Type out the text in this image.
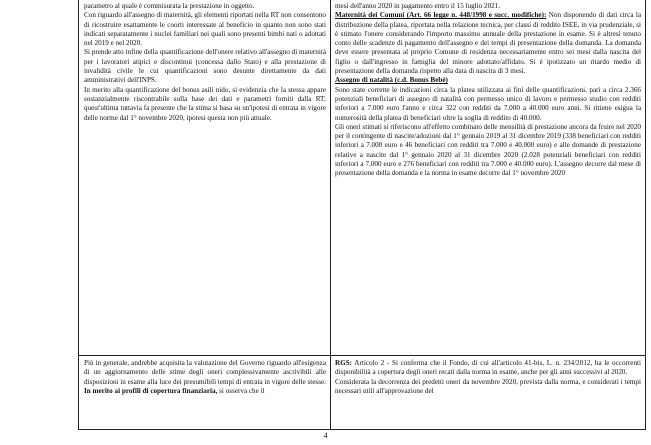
parametro al quale è commisurata la prestazione in oggetto.

Con riguardo all'assegno di maternità, gli elementi riportati nella RT non consentono di ricostruire esattamente le coorti interessate al beneficio in quanto non sono stati indicati separatamente i nuclei familiari nei quali sono presenti bimbi nati o adottati nel 2019 e nel 2020.

Si prende atto infine della quantificazione dell'onere relativo all'assegno di maternità per i lavoratori atipici e discontinui (concessa dallo Stato) e alla prestazione di invalidità civile le cui quantificazioni sono desunte direttamente da dati amministrativi dell'INPS.

In merito alla quantificazione del bonus asili nido, si evidenzia che la stessa appare sostanzialmente riscontrabile sulla base dei dati e parametri forniti dalla RT; quest'ultima tuttavia fa presente che la stima si basa su un'ipotesi di entrata in vigore delle norme dal 1° novembre 2020, ipotesi questa non più attuale.

Più in generale, andrebbe acquisita la valutazione del Governo riguardo all'esigenza di un aggiornamento delle stime degli oneri complessivamente ascrivibili alle disposizioni in esame alla luce dei presumibili tempi di entrata in vigore delle stesse.

In merito ai profili di copertura finanziaria, si osserva che il

mesi dell'anno 2020 in pagamento entro il 15 luglio 2021.

Maternità dei Comuni (Art. 66 legge n. 448/1998 e succ. modifiche): Non disponendo di dati circa la distribuzione della platea, riportata nella relazione tecnica, per classi di reddito ISEE, in via prudenziale, si è stimato l'onere considerando l'importo massimo annuale della prestazione in esame. Si è altresì tenuto conto delle scadenze di pagamento dell'assegno e dei tempi di presentazione della domanda. La domanda deve essere presentata al proprio Comune di residenza necessariamente entro sei mesi dalla nascita del figlio o dall'ingresso in famiglia del minore adottato/affidato. Si è ipotizzato un ritardo medio di presentazione della domanda rispetto alla data di nascita di 3 mesi.

Assegno di natalità (c.d. Bonus Bebè)

Sono state corrette le indicazioni circa la platea utilizzata ai fini delle quantificazioni, pari a circa 2.366 potenziali beneficiari di assegno di natalità con permesso unico di lavoro e permesso studio con redditi inferiori a 7.000 euro l'anno e circa 322 con redditi da 7.000 a 40.000 euro anni. Si ritiene esigua la numerosità della platea di beneficiari oltre la soglia di reddito di 40.000.

Gli oneri stimati si riferiscono all'effetto combinato delle mensilità di prestazione ancora da fruire nel 2020 per il contingente di nascite/adozioni dal 1° gennaio 2019 al 31 dicembre 2019 (338 beneficiari con redditi inferiori a 7.000 euro e 46 beneficiari con redditi tra 7.000 e 40.000 euro) e alle domande di prestazione relative a nascite dal 1° gennaio 2020 al 31 dicembre 2020 (2.028 potenziali beneficiari con redditi inferiori a 7.000 euro e 276 beneficiari con redditi tra 7.000 e 40.000 euro). L'assegno decorre dal mese di presentazione della domanda e la norma in esame decorre dal 1° novembre 2020

RGS: Articolo 2 - Si conferma che il Fondo, di cui all'articolo 41-bis, L. n. 234/2012, ha le occorrenti disponibilità a copertura degli oneri recati dalla norma in esame, anche per gli anni successivi al 2020.

Considerata la decorrenza dei predetti oneri da novembre 2020, prevista dalla norma, e considerati i tempi necessari utili all'approvazione del

4
